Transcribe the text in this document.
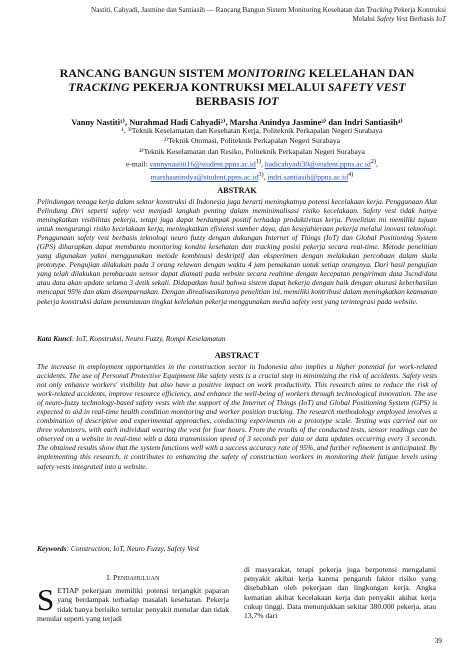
Nastiti, Cahyadi, Jasmine dan Santiasih — Rancang Bangun Sistem Monitoring Kesehatan dan Tracking Pekerja Kontruksi
Melalui Safety Vest Berbasis IoT
RANCANG BANGUN SISTEM MONITORING KELELAHAN DAN
TRACKING PEKERJA KONTRUKSI MELALUI SAFETY VEST
BERBASIS IOT
Vanny Nastiti¹⁾, Nurahmad Hadi Cahyadi²⁾, Marsha Anindya Jasmine³⁾ dan Indri Santiasih⁴⁾
¹, ³⁾Teknik Keselamatan dan Kesehatan Kerja, Politeknik Perkapalan Negeri Surabaya
²⁾Teknik Otomasi, Politeknik Perkapalan Negeri Surabaya
⁴⁾Teknik Keselamatan dan Resiko, Politeknik Perkapalan Negeri Surabaya
e-mail: $vannynastiti16@student.ppns.ac.id^{1)}$, $hadicahyadi30@student.ppns.ac.id^{2)}$,
$marshaanindya@student.ppns.ac.id^{3)}$, $indri.santiasih@ppns.ac.id^{4)}$
ABSTRAK
Pelindungan tenaga kerja dalam sektor konstruksi di Indonesia juga berarti meningkatnya potensi kecelakaan kerja. Penggunaan Alat Pelindung Diri seperti safety vest menjadi langkah penting dalam meminimalisasi risiko kecelakaan. Safety vest tidak hanya meningkatkan visibilitas pekerja, tetapi juga dapat berdampak positif terhadap produktivitas kerja. Penelitian ini memiliki tujuan untuk mengurangi risiko kecelakaan kerja, meningkatkan efisiensi sumber daya, dan kesejahteraan pekerja melalui inovasi teknologi. Penggunaan safety vest berbasis teknologi neuro fuzzy dengan dukungan Internet of Things (IoT) dan Global Positioning System (GPS) diharapkan dapat membantu monitoring kondisi kesehatan dan tracking posisi pekerja secara real-time. Metode penelitian yang digunakan yakni menggunakan metode kombinasi deskriptif dan eksperimen dengan melakukan percobaan dalam skala prototype. Pengujian dilakukan pada 3 orang relawan dengan waktu 4 jam pemakaian untuk setiap orangnya. Dari hasil pengujian yang telah dilakukan pembacaan sensor dapat diamati pada website secara realtime dengan kecepatan pengiriman data 3scnd/data atau data akan update selama 3 detik sekali. Didapatkan hasil bahwa sistem dapat bekerja dengan baik dengan akurasi keberhasilan mencapai 95% dan akan disempurnakan. Dengan direalisasikannya penelitian ini, memiliki kontribusi dalam meningkatkan keamanan pekerja konstruksi dalam pemantauan tingkat kelelahan pekerja menggunakan media safety vest yang terintegrasi pada website.
Kata Kunci: IoT, Konstruksi, Neuro Fuzzy, Rompi Keselamatan
ABSTRACT
The increase in employment opportunities in the construction sector in Indonesia also implies a higher potential for work-related accidents. The use of Personal Protective Equipment like safety vests is a crucial step in minimizing the risk of accidents. Safety vests not only enhance workers' visibility but also have a positive impact on work productivity. This research aims to reduce the risk of work-related accidents, improve resource efficiency, and enhance the well-being of workers through technological innovation. The use of neuro-fuzzy technology-based safety vests with the support of the Internet of Things (IoT) and Global Positioning System (GPS) is expected to aid in real-time health condition monitoring and worker position tracking. The research methodology employed involves a combination of descriptive and experimental approaches, conducting experiments on a prototype scale. Testing was carried out on three volunteers, with each individual wearing the vest for four hours. From the results of the conducted tests, sensor readings can be observed on a website in real-time with a data transmission speed of 3 seconds per data or data updates occurring every 3 seconds. The obtained results show that the system functions well with a success accuracy rate of 95%, and further refinement is anticipated. By implementing this research, it contributes to enhancing the safety of construction workers in monitoring their fatigue levels using safety vests integrated into a website.
Keywords: Construction, IoT, Neuro Fuzzy, Safety Vest
I. PENDAHULUAN
S ETIAP pekerjaan memiliki potensi terjangkit paparan yang berdampak terhadap masalah kesehatan. Pekerja tidak hanya berisiko tertular penyakit menular dan tidak menular seperti yang terjadi
di masyarakat, tetapi pekerja juga berpotensi mengalami penyakit akibat kerja karena pengaruh faktor risiko yang disebabkan oleh pekerjaan dan lingkungan kerja. Angka kematian akibat kecelakaan kerja dan penyakit akibat kerja cukup tinggi. Data menunjukkan sekitar 380.000 pekerja, atau 13,7% dari
39
